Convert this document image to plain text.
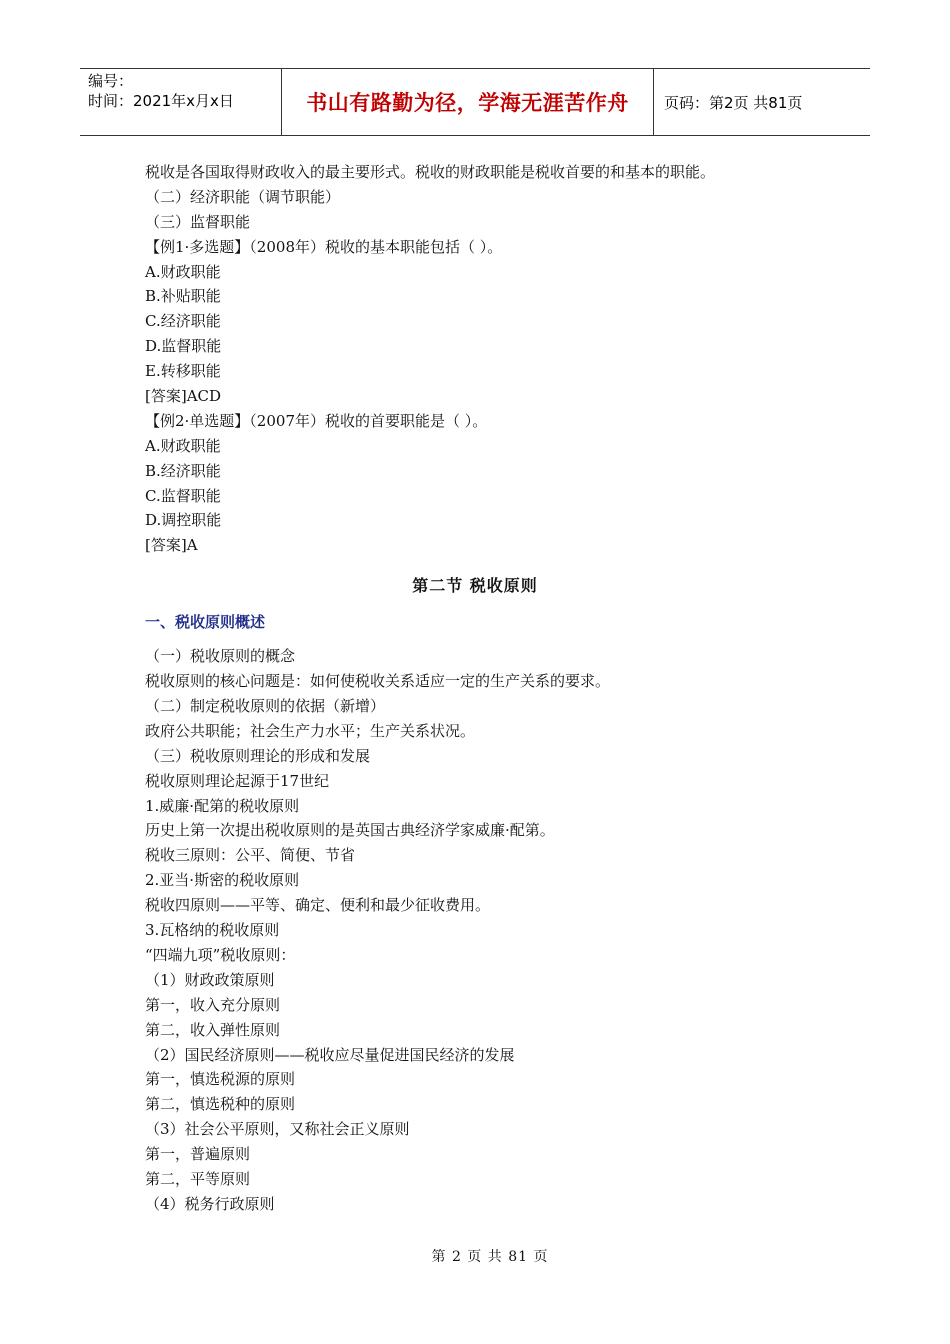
编号：
时间：2021年x月x日	书山有路勤为径，学海无涯苦作舟	页码：第2页 共81页
税收是各国取得财政收入的最主要形式。税收的财政职能是税收首要的和基本的职能。
（二）经济职能（调节职能）
（三）监督职能
【例1·多选题】（2008年）税收的基本职能包括（ ）。
A.财政职能
B.补贴职能
C.经济职能
D.监督职能
E.转移职能
[答案]ACD
【例2·单选题】（2007年）税收的首要职能是（ ）。
A.财政职能
B.经济职能
C.监督职能
D.调控职能
[答案]A
第二节 税收原则
一、税收原则概述
（一）税收原则的概念
税收原则的核心问题是：如何使税收关系适应一定的生产关系的要求。
（二）制定税收原则的依据（新增）
政府公共职能；社会生产力水平；生产关系状况。
（三）税收原则理论的形成和发展
税收原则理论起源于17世纪
1.威廉·配第的税收原则
历史上第一次提出税收原则的是英国古典经济学家威廉·配第。
税收三原则：公平、简便、节省
2.亚当·斯密的税收原则
税收四原则——平等、确定、便利和最少征收费用。
3.瓦格纳的税收原则
“四端九项”税收原则：
（1）财政政策原则
第一，收入充分原则
第二，收入弹性原则
（2）国民经济原则——税收应尽量促进国民经济的发展
第一，慎选税源的原则
第二，慎选税种的原则
（3）社会公平原则，又称社会正义原则
第一，普遍原则
第二，平等原则
（4）税务行政原则
第 2 页 共 81 页
